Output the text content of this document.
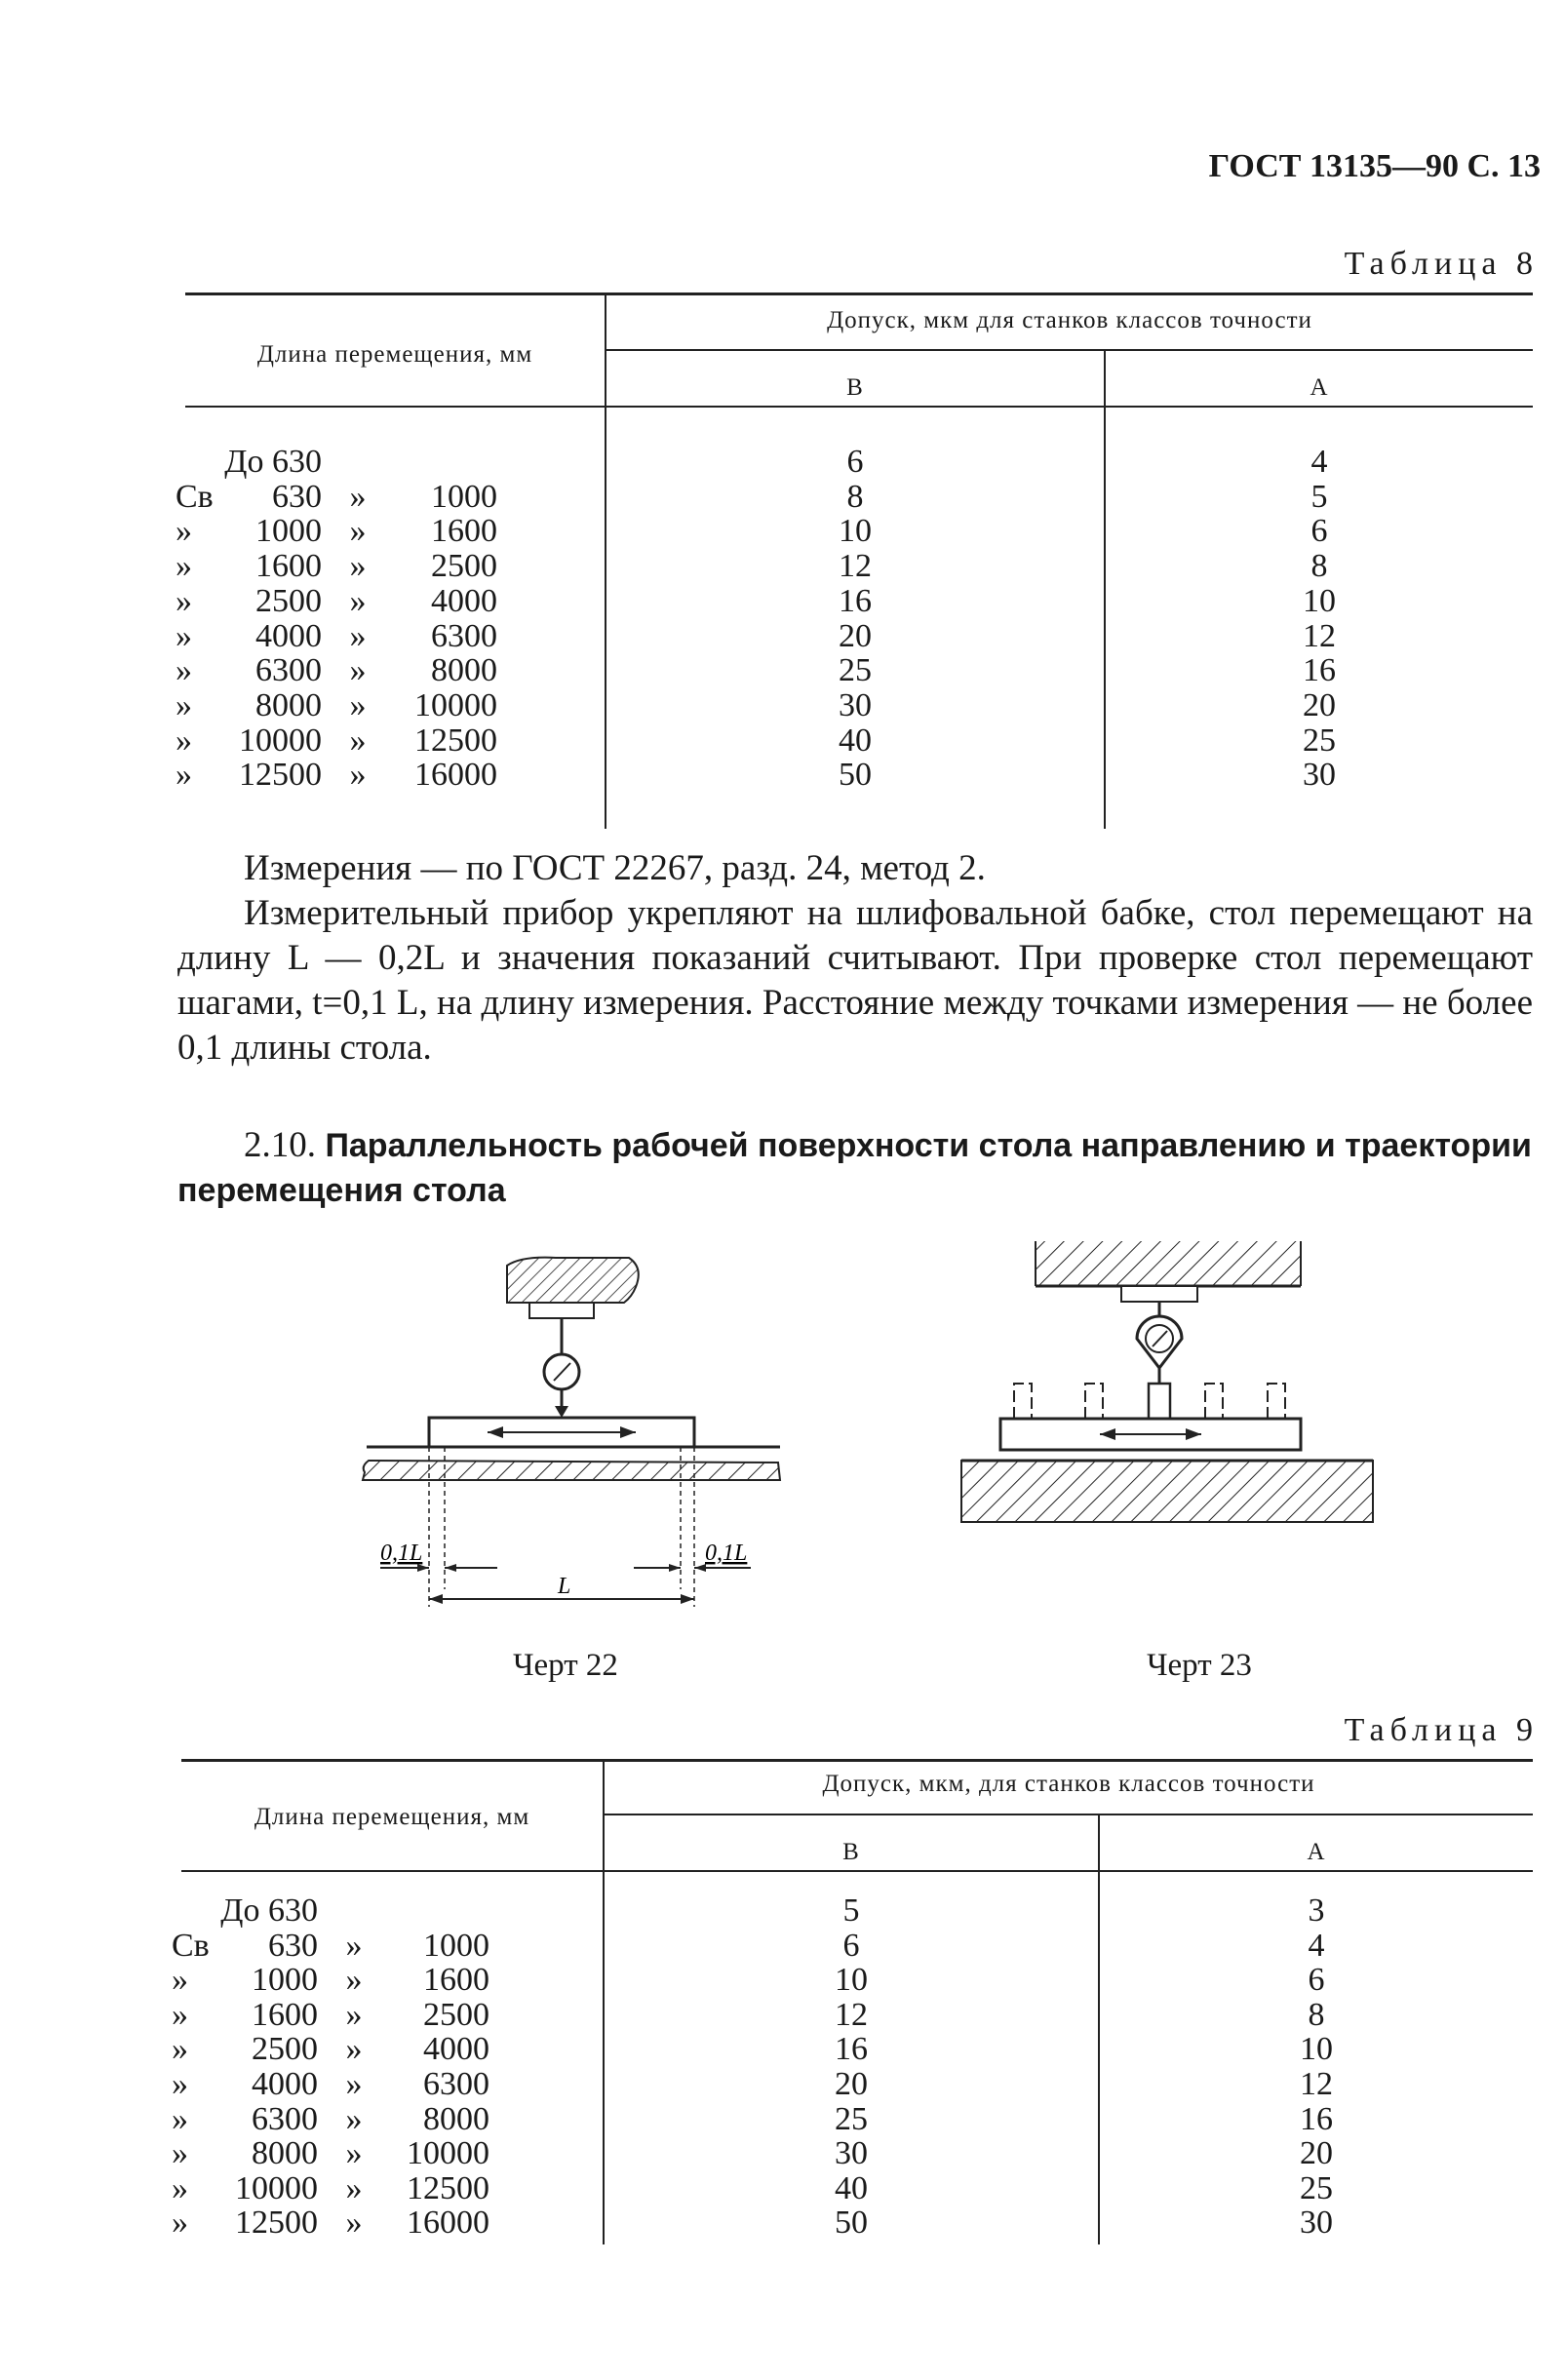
ГОСТ 13135—90 С. 13
Таблица 8
Длина перемещения, мм
Допуск, мкм для станков классов точности
B	A
До 630	6	4
Св	630 »	1000	8	5
»	1000 »	1600	10	6
»	1600 »	2500	12	8
»	2500 »	4000	16	10
»	4000 »	6300	20	12
»	6300 »	8000	25	16
»	8000 »	10000	30	20
»	10000 »	12500	40	25
»	12500 »	16000	50	30
Измерения — по ГОСТ 22267, разд. 24, метод 2.
Измерительный прибор укрепляют на шлифовальной бабке, стол перемещают на длину L — 0,2L и значения показаний считывают. При проверке стол перемещают шагами, t=0,1 L, на длину измерения. Расстояние между точками измерения — не более 0,1 длины стола.
2.10. Параллельность рабочей поверхности стола направлению и траектории перемещения стола
0,1L	0,1L
L
Черт 22	Черт 23
Таблица 9
Длина перемещения, мм
Допуск, мкм, для станков классов точности
B	A
До 630	5	3
Св	630 »	1000	6	4
»	1000 »	1600	10	6
»	1600 »	2500	12	8
»	2500 »	4000	16	10
»	4000 »	6300	20	12
»	6300 »	8000	25	16
»	8000 »	10000	30	20
»	10000 »	12500	40	25
»	12500 »	16000	50	30
